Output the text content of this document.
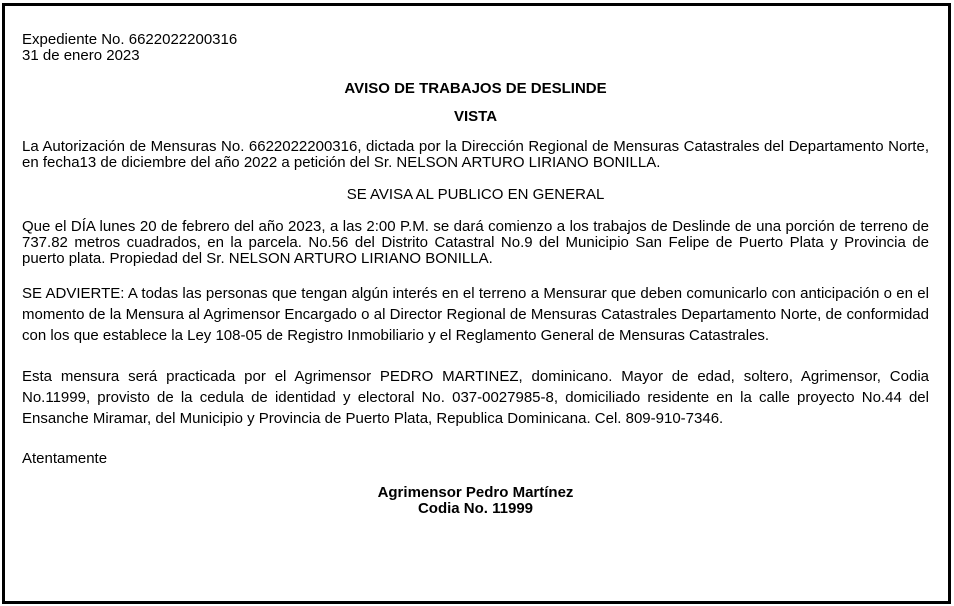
Expediente No. 6622022200316
31 de enero 2023

AVISO DE TRABAJOS DE DESLINDE

VISTA

La Autorización de Mensuras No. 6622022200316, dictada por la Dirección Regional de Mensuras Catastrales del Departamento Norte, en fecha13 de diciembre del año 2022 a petición del Sr. NELSON ARTURO LIRIANO BONILLA.

SE AVISA AL PUBLICO EN GENERAL

Que el DÍA lunes 20 de febrero del año 2023, a las 2:00 P.M. se dará comienzo a los trabajos de Deslinde de una porción de terreno de 737.82 metros cuadrados, en la parcela. No.56 del Distrito Catastral No.9 del Municipio San Felipe de Puerto Plata y Provincia de puerto plata. Propiedad del Sr. NELSON ARTURO LIRIANO BONILLA.

SE ADVIERTE: A todas las personas que tengan algún interés en el terreno a Mensurar que deben comunicarlo con anticipación o en el momento de la Mensura al Agrimensor Encargado o al Director Regional de Mensuras Catastrales Departamento Norte, de conformidad con los que establece la Ley 108-05 de Registro Inmobiliario y el Reglamento General de Mensuras Catastrales.

Esta mensura será practicada por el Agrimensor PEDRO MARTINEZ, dominicano. Mayor de edad, soltero, Agrimensor, Codia No.11999, provisto de la cedula de identidad y electoral No. 037-0027985-8, domiciliado residente en la calle proyecto No.44 del Ensanche Miramar, del Municipio y Provincia de Puerto Plata, Republica Dominicana. Cel. 809-910-7346.

Atentamente

Agrimensor Pedro Martínez
Codia No. 11999
